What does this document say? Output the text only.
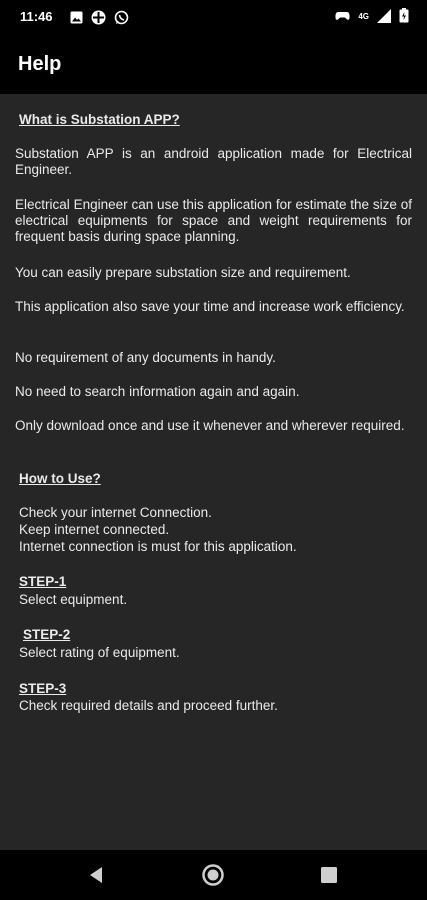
11:46	4G
Help

What is Substation APP?

Substation APP is an android application made for Electrical Engineer.

Electrical Engineer can use this application for estimate the size of electrical equipments for space and weight requirements for frequent basis during space planning.

You can easily prepare substation size and requirement.

This application also save your time and increase work efficiency.

No requirement of any documents in handy.

No need to search information again and again.

Only download once and use it whenever and wherever required.

How to Use?

Check your internet Connection.

Keep internet connected.

Internet connection is must for this application.

STEP-1

Select equipment.

STEP-2

Select rating of equipment.

STEP-3

Check required details and proceed further.
